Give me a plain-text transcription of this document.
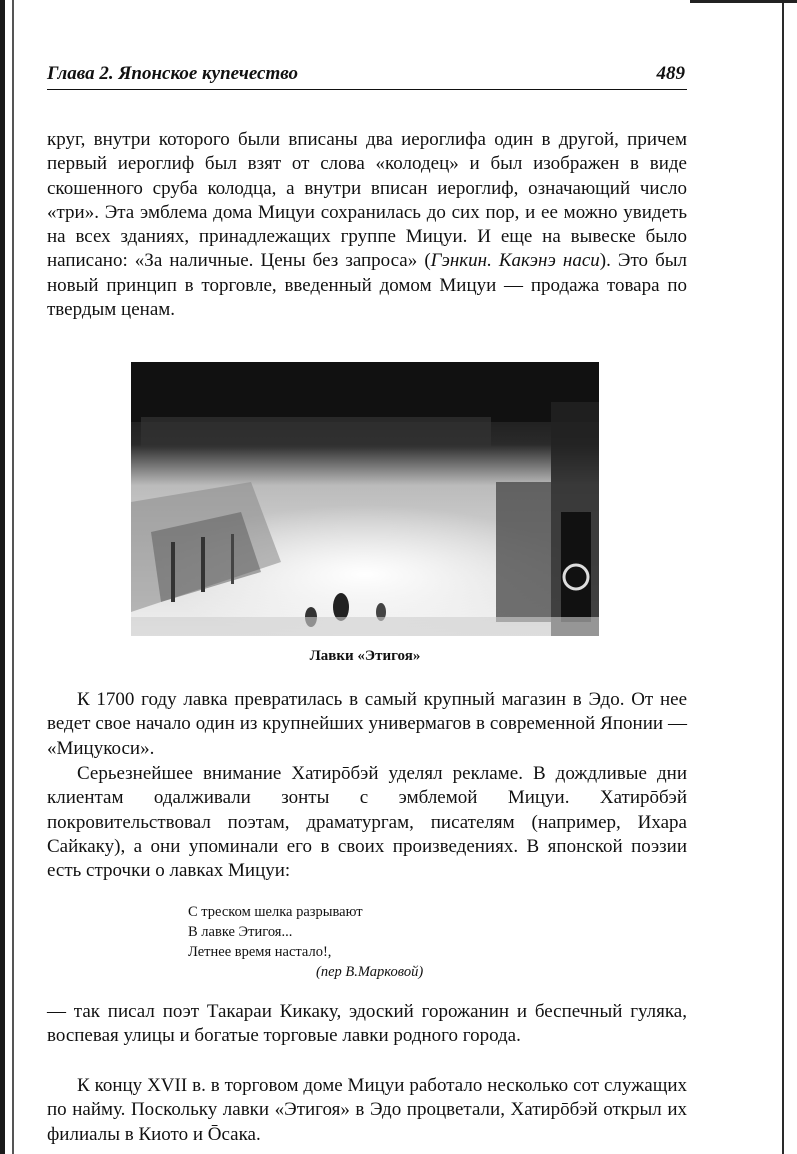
Глава 2. Японское купечество	489

круг, внутри которого были вписаны два иероглифа один в другой, причем первый иероглиф был взят от слова «колодец» и был изображен в виде скошенного сруба колодца, а внутри вписан иероглиф, означающий число «три». Эта эмблема дома Мицуи сохранилась до сих пор, и ее можно увидеть на всех зданиях, принадлежащих группе Мицуи. И еще на вывеске было написано: «За наличные. Цены без запроса» (Гэнкин. Какэнэ наси). Это был новый принцип в торговле, введенный домом Мицуи — продажа товара по твердым ценам.

Лавки «Этигоя»

К 1700 году лавка превратилась в самый крупный магазин в Эдо. От нее ведет свое начало один из крупнейших универмагов в современной Японии — «Мицукоси».

Серьезнейшее внимание Хатирōбэй уделял рекламе. В дождливые дни клиентам одалживали зонты с эмблемой Мицуи. Хатирōбэй покровительствовал поэтам, драматургам, писателям (например, Ихара Сайкаку), а они упоминали его в своих произведениях. В японской поэзии есть строчки о лавках Мицуи:

С треском шелка разрывают
В лавке Этигоя...
Летнее время настало!,
(пер В.Марковой)

— так писал поэт Такараи Кикаку, эдоский горожанин и беспечный гуляка, воспевая улицы и богатые торговые лавки родного города.

К концу XVII в. в торговом доме Мицуи работало несколько сот служащих по найму. Поскольку лавки «Этигоя» в Эдо процветали, Хатирōбэй открыл их филиалы в Киото и Ōсака.
